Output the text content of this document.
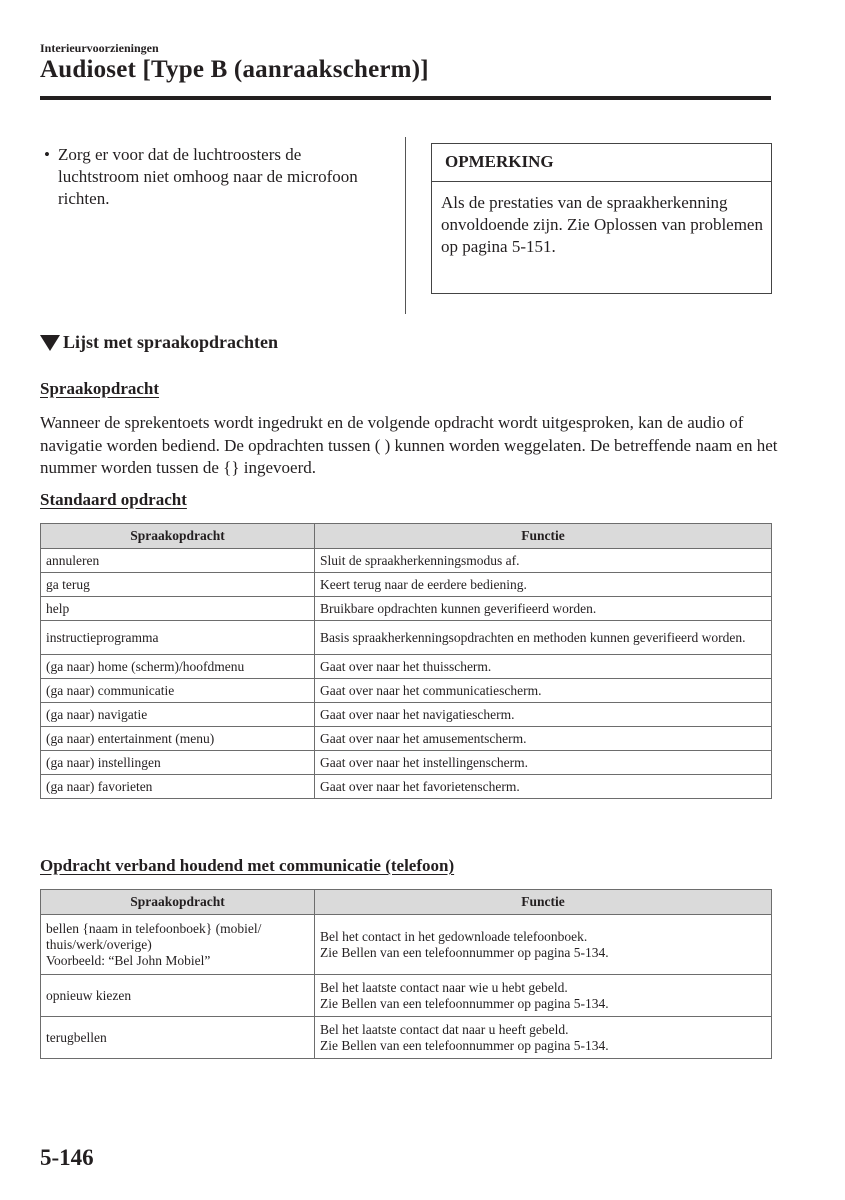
Interieurvoorzieningen
Audioset [Type B (aanraakscherm)]
• Zorg er voor dat de luchtroosters de luchtstroom niet omhoog naar de microfoon richten.
OPMERKING
Als de prestaties van de spraakherkenning onvoldoende zijn. Zie Oplossen van problemen op pagina 5-151.
Lijst met spraakopdrachten
Spraakopdracht

Wanneer de sprekentoets wordt ingedrukt en de volgende opdracht wordt uitgesproken, kan de audio of navigatie worden bediend. De opdrachten tussen ( ) kunnen worden weggelaten. De betreffende naam en het nummer worden tussen de {} ingevoerd.

Standaard opdracht
Spraakopdracht	Functie
annuleren	Sluit de spraakherkenningsmodus af.
ga terug	Keert terug naar de eerdere bediening.
help	Bruikbare opdrachten kunnen geverifieerd worden.
instructieprogramma	Basis spraakherkenningsopdrachten en methoden kunnen geverifieerd worden.
(ga naar) home (scherm)/hoofdmenu	Gaat over naar het thuisscherm.
(ga naar) communicatie	Gaat over naar het communicatiescherm.
(ga naar) navigatie	Gaat over naar het navigatiescherm.
(ga naar) entertainment (menu)	Gaat over naar het amusementscherm.
(ga naar) instellingen	Gaat over naar het instellingenscherm.
(ga naar) favorieten	Gaat over naar het favorietenscherm.
Opdracht verband houdend met communicatie (telefoon)
Spraakopdracht	Functie

bellen {naam in telefoonboek} (mobiel/
thuis/werk/overige)
Voorbeeld: “Bel John Mobiel”	Bel het contact in het gedownloade telefoonboek.
Zie Bellen van een telefoonnummer op pagina 5-134.

opnieuw kiezen	Bel het laatste contact naar wie u hebt gebeld.
Zie Bellen van een telefoonnummer op pagina 5-134.

terugbellen	Bel het laatste contact dat naar u heeft gebeld.
Zie Bellen van een telefoonnummer op pagina 5-134.
5-146
